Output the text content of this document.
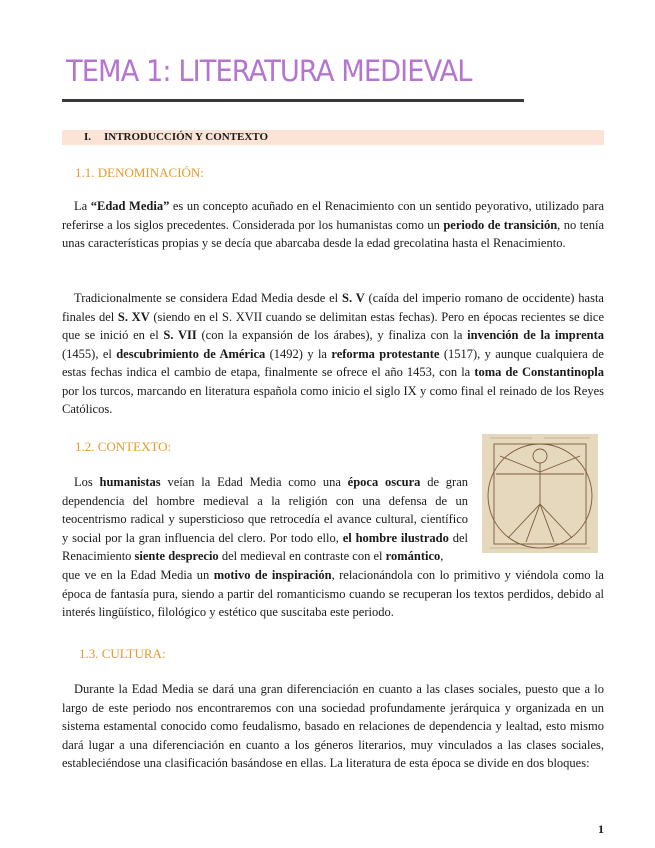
TEMA 1: LITERATURA MEDIEVAL
I. INTRODUCCIÓN Y CONTEXTO
1.1. DENOMINACIÓN:

La “Edad Media” es un concepto acuñado en el Renacimiento con un sentido peyorativo, utilizado para referirse a los siglos precedentes. Considerada por los humanistas como un periodo de transición, no tenía unas características propias y se decía que abarcaba desde la edad grecolatina hasta el Renacimiento.

Tradicionalmente se considera Edad Media desde el S. V (caída del imperio romano de occidente) hasta finales del S. XV (siendo en el S. XVII cuando se delimitan estas fechas). Pero en épocas recientes se dice que se inició en el S. VII (con la expansión de los árabes), y finaliza con la invención de la imprenta (1455), el descubrimiento de América (1492) y la reforma protestante (1517), y aunque cualquiera de estas fechas indica el cambio de etapa, finalmente se ofrece el año 1453, con la toma de Constantinopla por los turcos, marcando en literatura española como inicio el siglo IX y como final el reinado de los Reyes Católicos.

1.2. CONTEXTO:

Los humanistas veían la Edad Media como una época oscura de gran dependencia del hombre medieval a la religión con una defensa de un teocentrismo radical y supersticioso que retrocedía el avance cultural, científico y social por la gran influencia del clero. Por todo ello, el hombre ilustrado del Renacimiento siente desprecio del medieval en contraste con el romántico,

que ve en la Edad Media un motivo de inspiración, relacionándola con lo primitivo y viéndola como la época de fantasía pura, siendo a partir del romanticismo cuando se recuperan los textos perdidos, debido al interés lingüístico, filológico y estético que suscitaba este periodo.

1.3. CULTURA:

Durante la Edad Media se dará una gran diferenciación en cuanto a las clases sociales, puesto que a lo largo de este periodo nos encontraremos con una sociedad profundamente jerárquica y organizada en un sistema estamental conocido como feudalismo, basado en relaciones de dependencia y lealtad, esto mismo dará lugar a una diferenciación en cuanto a los géneros literarios, muy vinculados a las clases sociales, estableciéndose una clasificación basándose en ellas. La literatura de esta época se divide en dos bloques:

1
